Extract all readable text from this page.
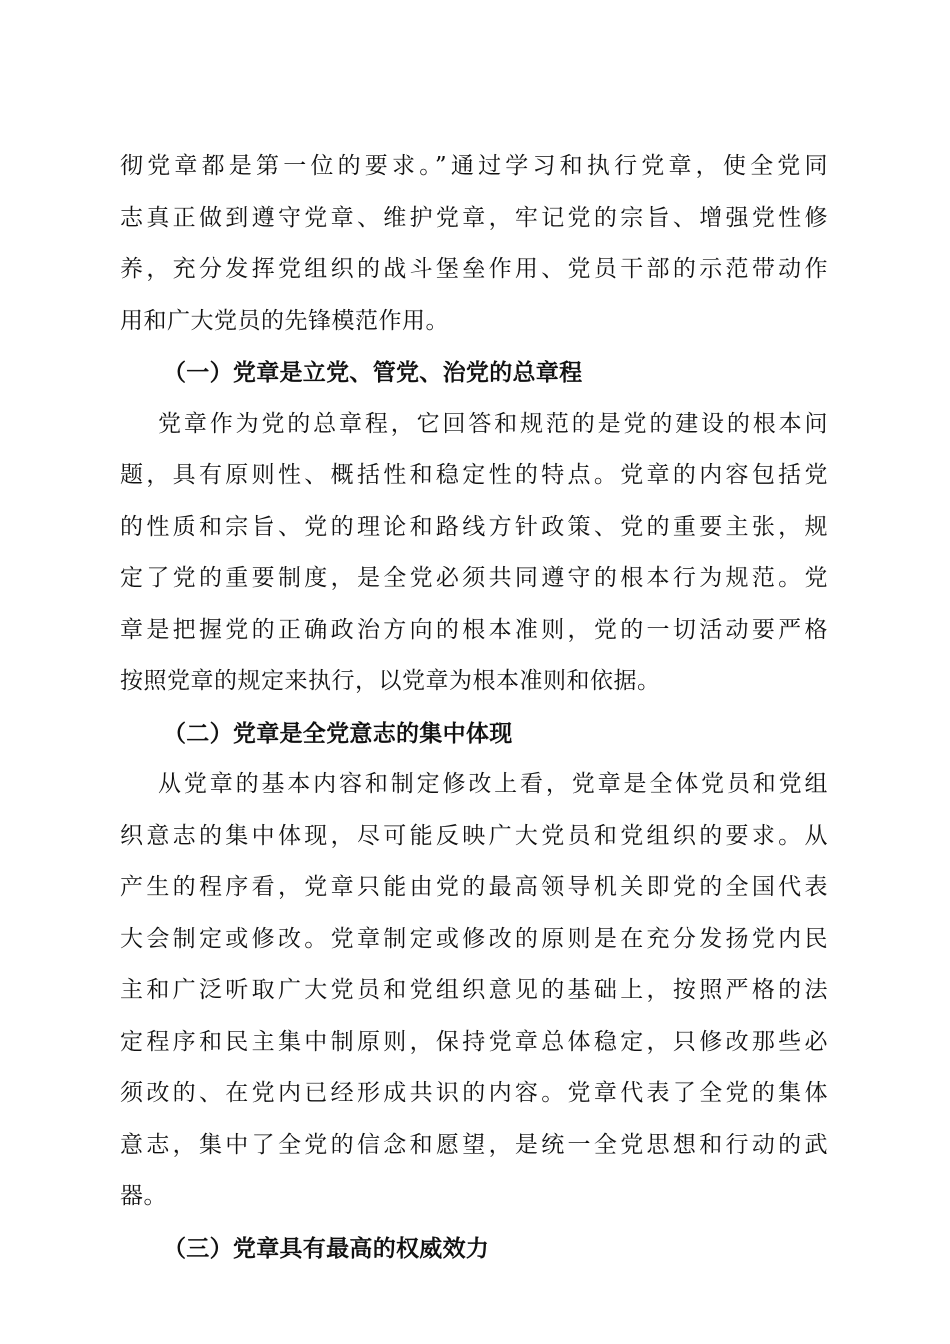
彻党章都是第一位的要求。”通过学习和执行党章，使全党同
志真正做到遵守党章、维护党章，牢记党的宗旨、增强党性修
养，充分发挥党组织的战斗堡垒作用、党员干部的示范带动作
用和广大党员的先锋模范作用。
（一）党章是立党、管党、治党的总章程
党章作为党的总章程，它回答和规范的是党的建设的根本问
题，具有原则性、概括性和稳定性的特点。党章的内容包括党
的性质和宗旨、党的理论和路线方针政策、党的重要主张，规
定了党的重要制度，是全党必须共同遵守的根本行为规范。党
章是把握党的正确政治方向的根本准则，党的一切活动要严格
按照党章的规定来执行，以党章为根本准则和依据。
（二）党章是全党意志的集中体现
从党章的基本内容和制定修改上看，党章是全体党员和党组
织意志的集中体现，尽可能反映广大党员和党组织的要求。从
产生的程序看，党章只能由党的最高领导机关即党的全国代表
大会制定或修改。党章制定或修改的原则是在充分发扬党内民
主和广泛听取广大党员和党组织意见的基础上，按照严格的法
定程序和民主集中制原则，保持党章总体稳定，只修改那些必
须改的、在党内已经形成共识的内容。党章代表了全党的集体
意志，集中了全党的信念和愿望，是统一全党思想和行动的武
器。
（三）党章具有最高的权威效力
